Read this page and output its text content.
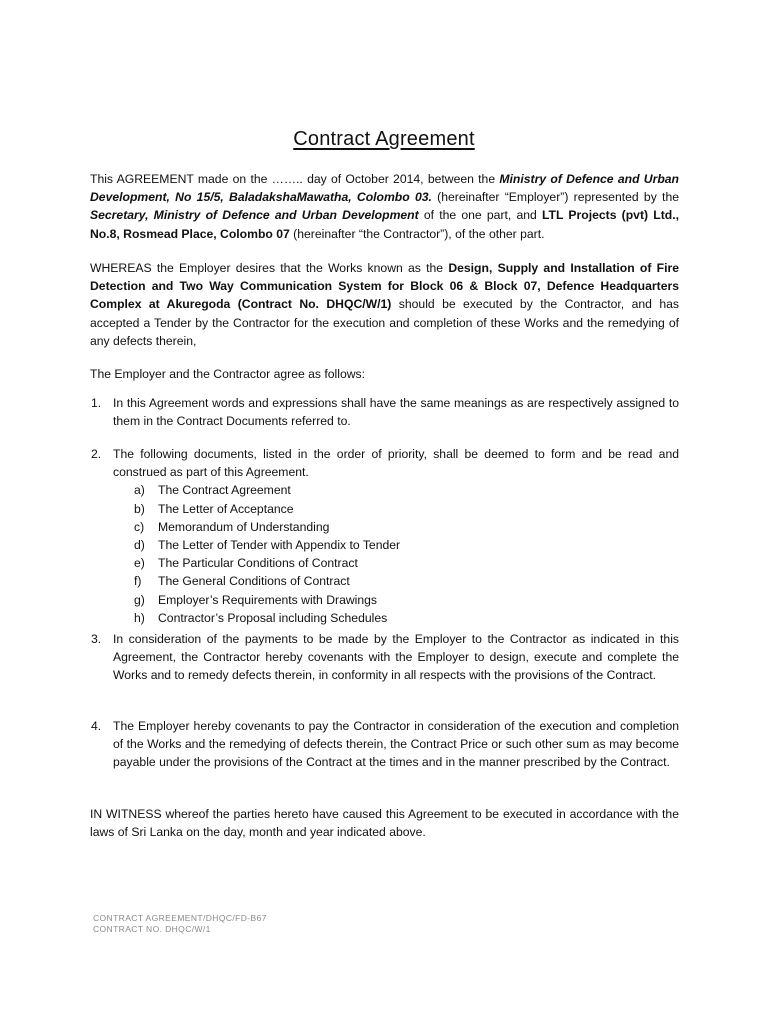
Contract Agreement
This AGREEMENT made on the …….. day of October 2014, between the Ministry of Defence and Urban Development, No 15/5, BaladakshaMawatha, Colombo 03. (hereinafter “Employer”) represented by the Secretary, Ministry of Defence and Urban Development of the one part, and LTL Projects (pvt) Ltd., No.8, Rosmead Place, Colombo 07 (hereinafter “the Contractor”), of the other part.
WHEREAS the Employer desires that the Works known as the Design, Supply and Installation of Fire Detection and Two Way Communication System for Block 06 & Block 07, Defence Headquarters Complex at Akuregoda (Contract No. DHQC/W/1) should be executed by the Contractor, and has accepted a Tender by the Contractor for the execution and completion of these Works and the remedying of any defects therein,
The Employer and the Contractor agree as follows:
1. In this Agreement words and expressions shall have the same meanings as are respectively assigned to them in the Contract Documents referred to.
2. The following documents, listed in the order of priority, shall be deemed to form and be read and construed as part of this Agreement.
a) The Contract Agreement
b) The Letter of Acceptance
c) Memorandum of Understanding
d) The Letter of Tender with Appendix to Tender
e) The Particular Conditions of Contract
f) The General Conditions of Contract
g) Employer’s Requirements with Drawings
h) Contractor’s Proposal including Schedules
3. In consideration of the payments to be made by the Employer to the Contractor as indicated in this Agreement, the Contractor hereby covenants with the Employer to design, execute and complete the Works and to remedy defects therein, in conformity in all respects with the provisions of the Contract.
4. The Employer hereby covenants to pay the Contractor in consideration of the execution and completion of the Works and the remedying of defects therein, the Contract Price or such other sum as may become payable under the provisions of the Contract at the times and in the manner prescribed by the Contract.
IN WITNESS whereof the parties hereto have caused this Agreement to be executed in accordance with the laws of Sri Lanka on the day, month and year indicated above.
CONTRACT AGREEMENT/DHQC/FD-B67
CONTRACT NO. DHQC/W/1
